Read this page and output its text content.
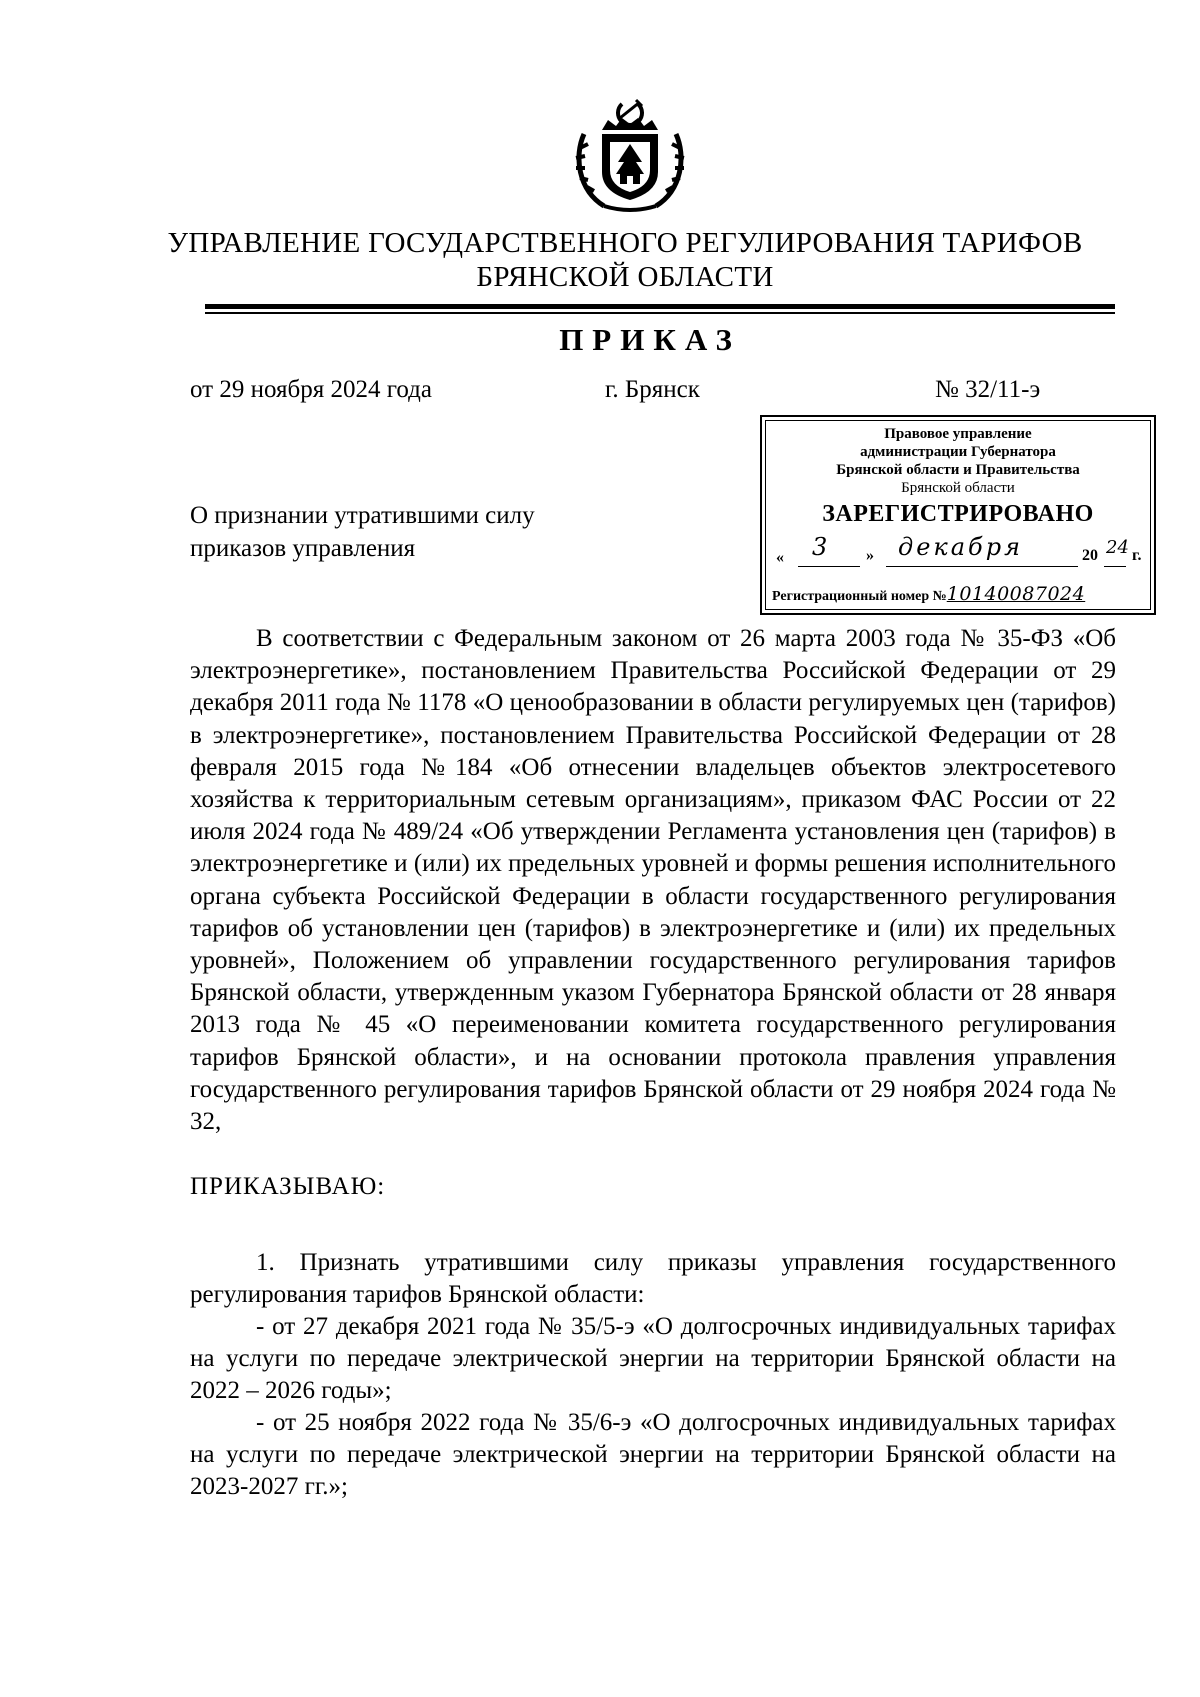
УПРАВЛЕНИЕ ГОСУДАРСТВЕННОГО РЕГУЛИРОВАНИЯ ТАРИФОВ
БРЯНСКОЙ ОБЛАСТИ
ПРИКАЗ
от 29 ноября 2024 года	г. Брянск	№ 32/11-э
Правовое управление
администрации Губернатора
Брянской области и Правительства
Брянской области
ЗАРЕГИСТРИРОВАНО
« 3 » декабря	20 24 г.
Регистрационный номер №10140087024
О признании утратившими силу
приказов управления
В соответствии с Федеральным законом от 26 марта 2003 года № 35-ФЗ «Об электроэнергетике», постановлением Правительства Российской Федерации от 29 декабря 2011 года № 1178 «О ценообразовании в области регулируемых цен (тарифов) в электроэнергетике», постановлением Правительства Российской Федерации от 28 февраля 2015 года №184 «Об отнесении владельцев объектов электросетевого хозяйства к территориальным сетевым организациям», приказом ФАС России от 22 июля 2024 года № 489/24 «Об утверждении Регламента установления цен (тарифов) в электроэнергетике и (или) их предельных уровней и формы решения исполнительного органа субъекта Российской Федерации в области государственного регулирования тарифов об установлении цен (тарифов) в электроэнергетике и (или) их предельных уровней», Положением об управлении государственного регулирования тарифов Брянской области, утвержденным указом Губернатора Брянской области от 28 января 2013 года № 45 «О переименовании комитета государственного регулирования тарифов Брянской области», и на основании протокола правления управления государственного регулирования тарифов Брянской области от 29 ноября 2024 года № 32,
ПРИКАЗЫВАЮ:
1. Признать утратившими силу приказы управления государственного регулирования тарифов Брянской области:
- от 27 декабря 2021 года № 35/5-э «О долгосрочных индивидуальных тарифах на услуги по передаче электрической энергии на территории Брянской области на 2022 – 2026 годы»;
- от 25 ноября 2022 года № 35/6-э «О долгосрочных индивидуальных тарифах на услуги по передаче электрической энергии на территории Брянской области на 2023-2027 гг.»;
